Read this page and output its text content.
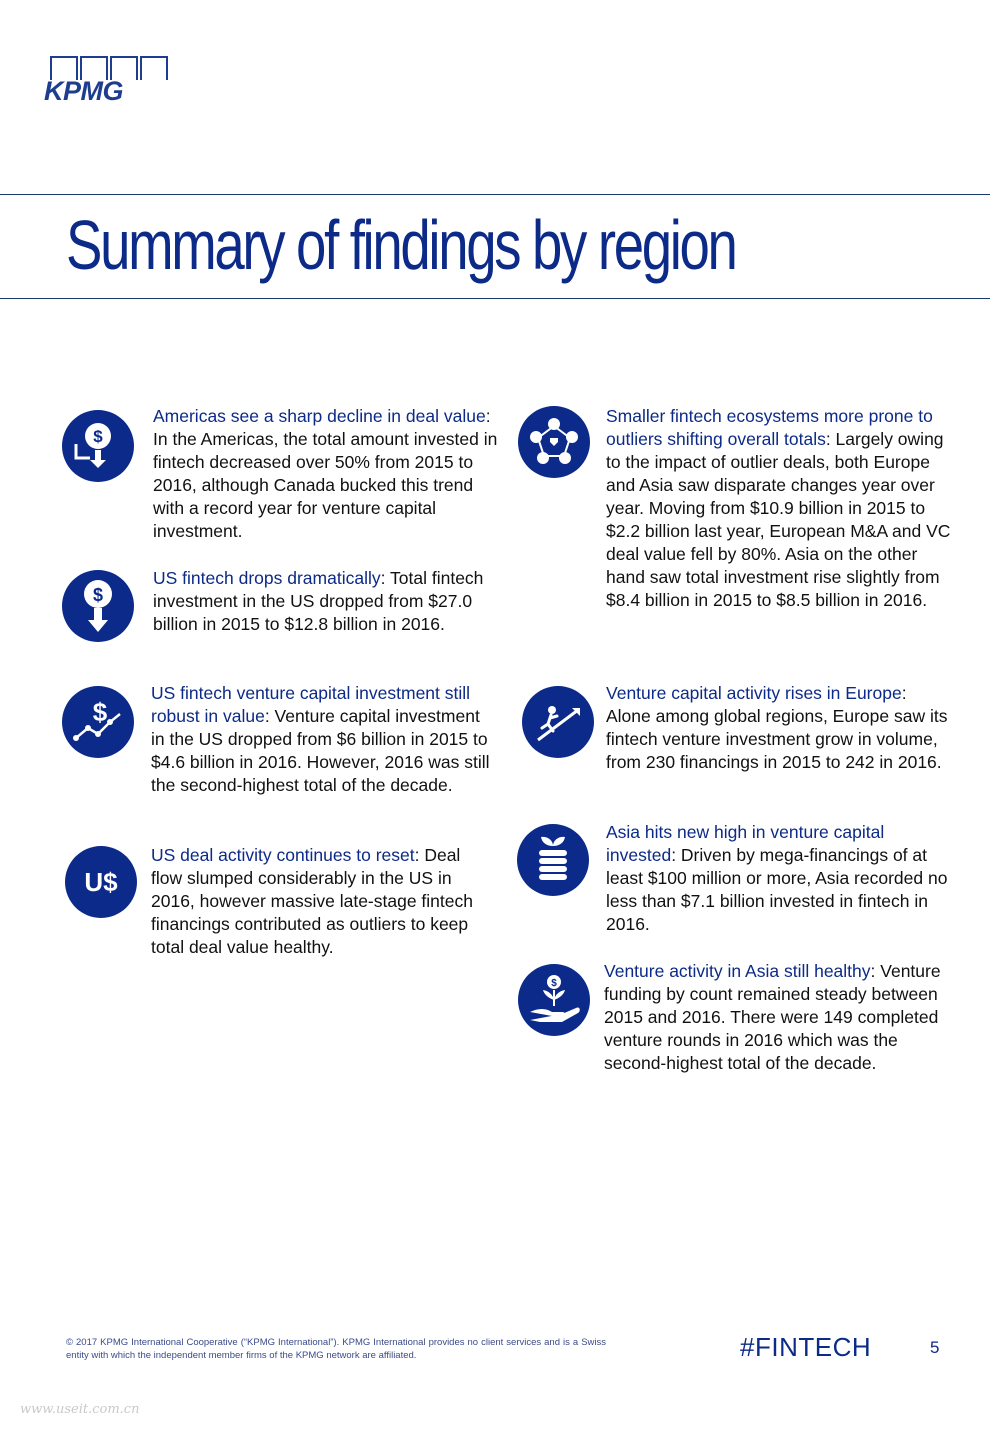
KPMG
Summary of findings by region
$
Americas see a sharp decline in deal value: In the Americas, the total amount invested in fintech decreased over 50% from 2015 to 2016, although Canada bucked this trend with a record year for venture capital investment.
$
US fintech drops dramatically: Total fintech investment in the US dropped from $27.0 billion in 2015 to $12.8 billion in 2016.
$
US fintech venture capital investment still robust in value: Venture capital investment in the US dropped from $6 billion in 2015 to $4.6 billion in 2016. However, 2016 was still the second-highest total of the decade.
U$
US deal activity continues to reset: Deal flow slumped considerably in the US in 2016, however massive late-stage fintech financings contributed as outliers to keep total deal value healthy.
Smaller fintech ecosystems more prone to outliers shifting overall totals: Largely owing to the impact of outlier deals, both Europe and Asia saw disparate changes year over year. Moving from $10.9 billion in 2015 to $2.2 billion last year, European M&A and VC deal value fell by 80%. Asia on the other hand saw total investment rise slightly from $8.4 billion in 2015 to $8.5 billion in 2016.
Venture capital activity rises in Europe: Alone among global regions, Europe saw its fintech venture investment grow in volume, from 230 financings in 2015 to 242 in 2016.
Asia hits new high in venture capital invested: Driven by mega-financings of at least $100 million or more, Asia recorded no less than $7.1 billion invested in fintech in 2016.
$
Venture activity in Asia still healthy: Venture funding by count remained steady between 2015 and 2016. There were 149 completed venture rounds in 2016 which was the second-highest total of the decade.
© 2017 KPMG International Cooperative (“KPMG International”). KPMG International provides no client services and is a Swiss entity with which the independent member firms of the KPMG network are affiliated.	#FINTECH	5
www.useit.com.cn
